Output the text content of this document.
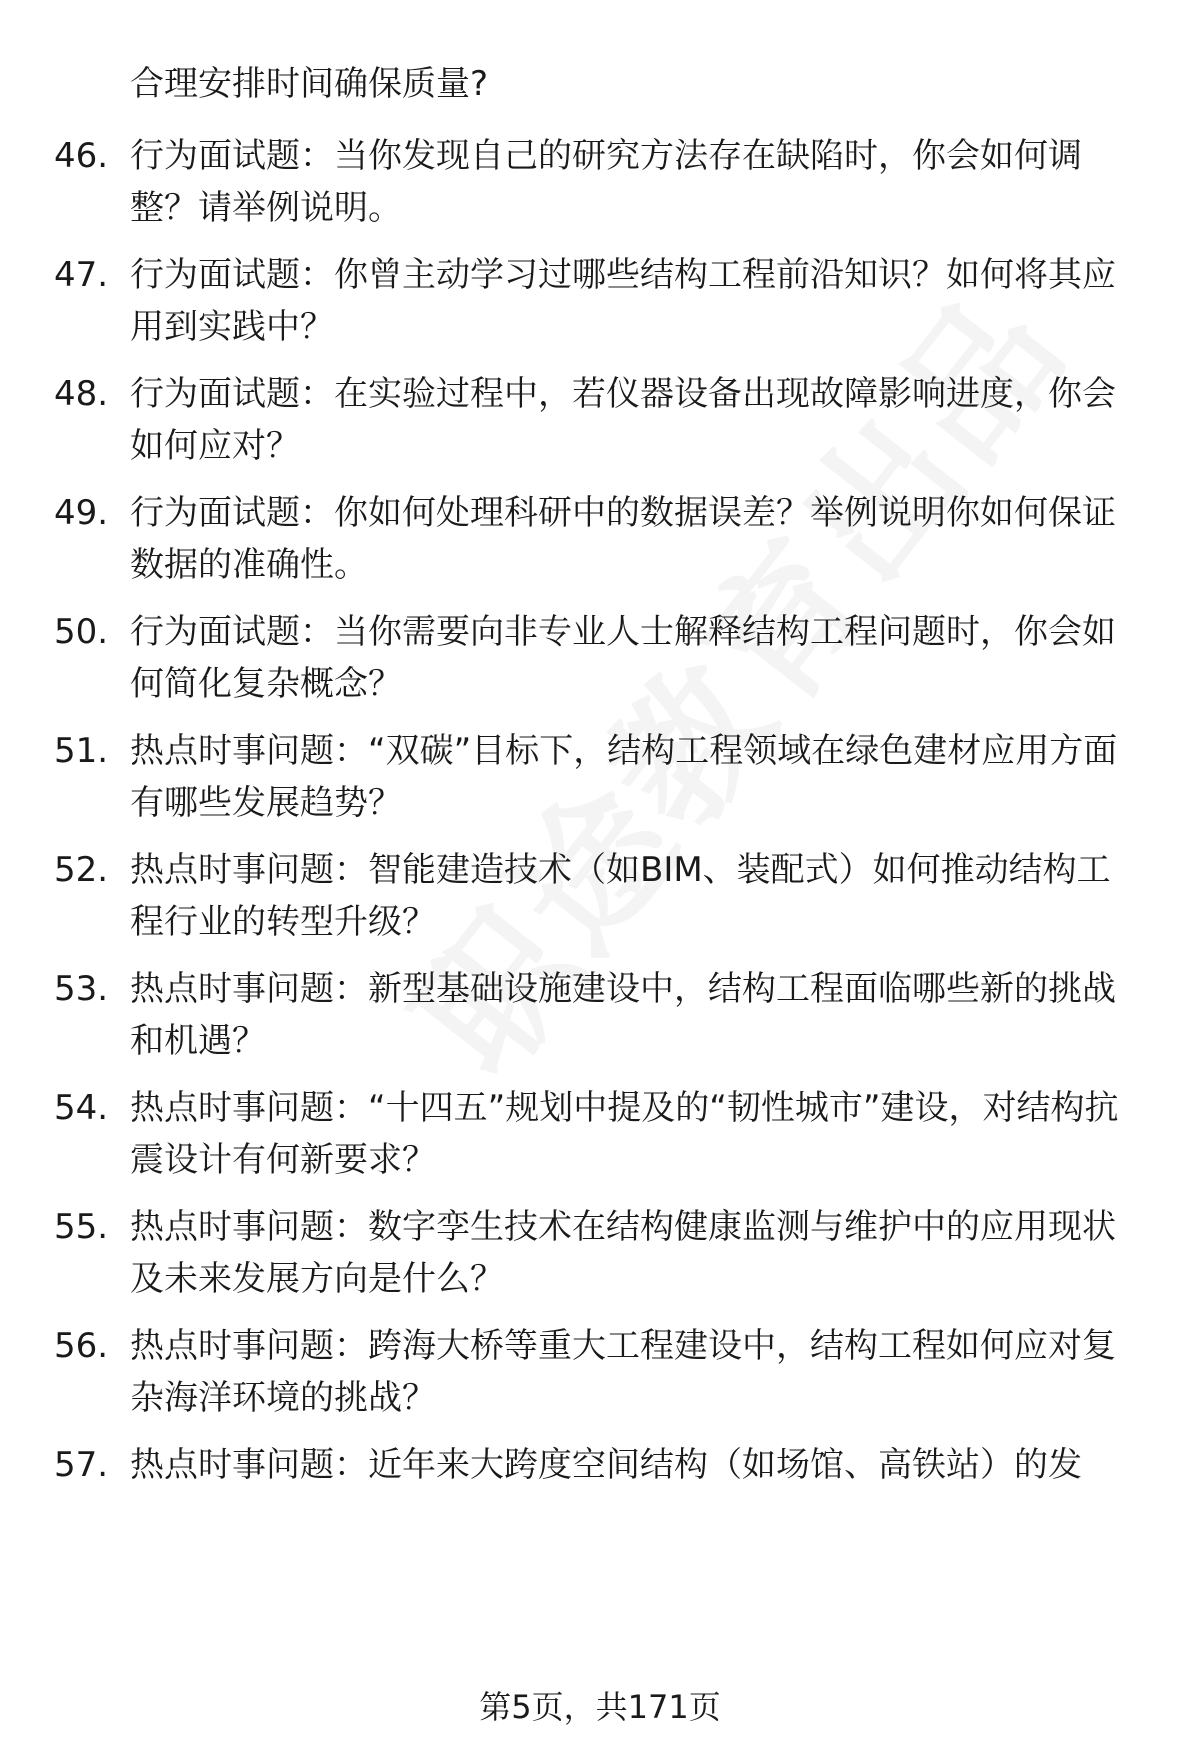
合理安排时间确保质量?

46. 行为面试题：当你发现自己的研究方法存在缺陷时，你会如何调整？请举例说明。
47. 行为面试题：你曾主动学习过哪些结构工程前沿知识？如何将其应用到实践中？
48. 行为面试题：在实验过程中，若仪器设备出现故障影响进度，你会如何应对？
49. 行为面试题：你如何处理科研中的数据误差？举例说明你如何保证数据的准确性。
50. 行为面试题：当你需要向非专业人士解释结构工程问题时，你会如何简化复杂概念？
51. 热点时事问题：“双碳”目标下，结构工程领域在绿色建材应用方面有哪些发展趋势？
52. 热点时事问题：智能建造技术（如BIM、装配式）如何推动结构工程行业的转型升级？
53. 热点时事问题：新型基础设施建设中，结构工程面临哪些新的挑战和机遇？
54. 热点时事问题：“十四五”规划中提及的“韧性城市”建设，对结构抗震设计有何新要求？
55. 热点时事问题：数字孪生技术在结构健康监测与维护中的应用现状及未来发展方向是什么？
56. 热点时事问题：跨海大桥等重大工程建设中，结构工程如何应对复杂海洋环境的挑战？
57. 热点时事问题：近年来大跨度空间结构（如场馆、高铁站）的发
第5页，共171页
